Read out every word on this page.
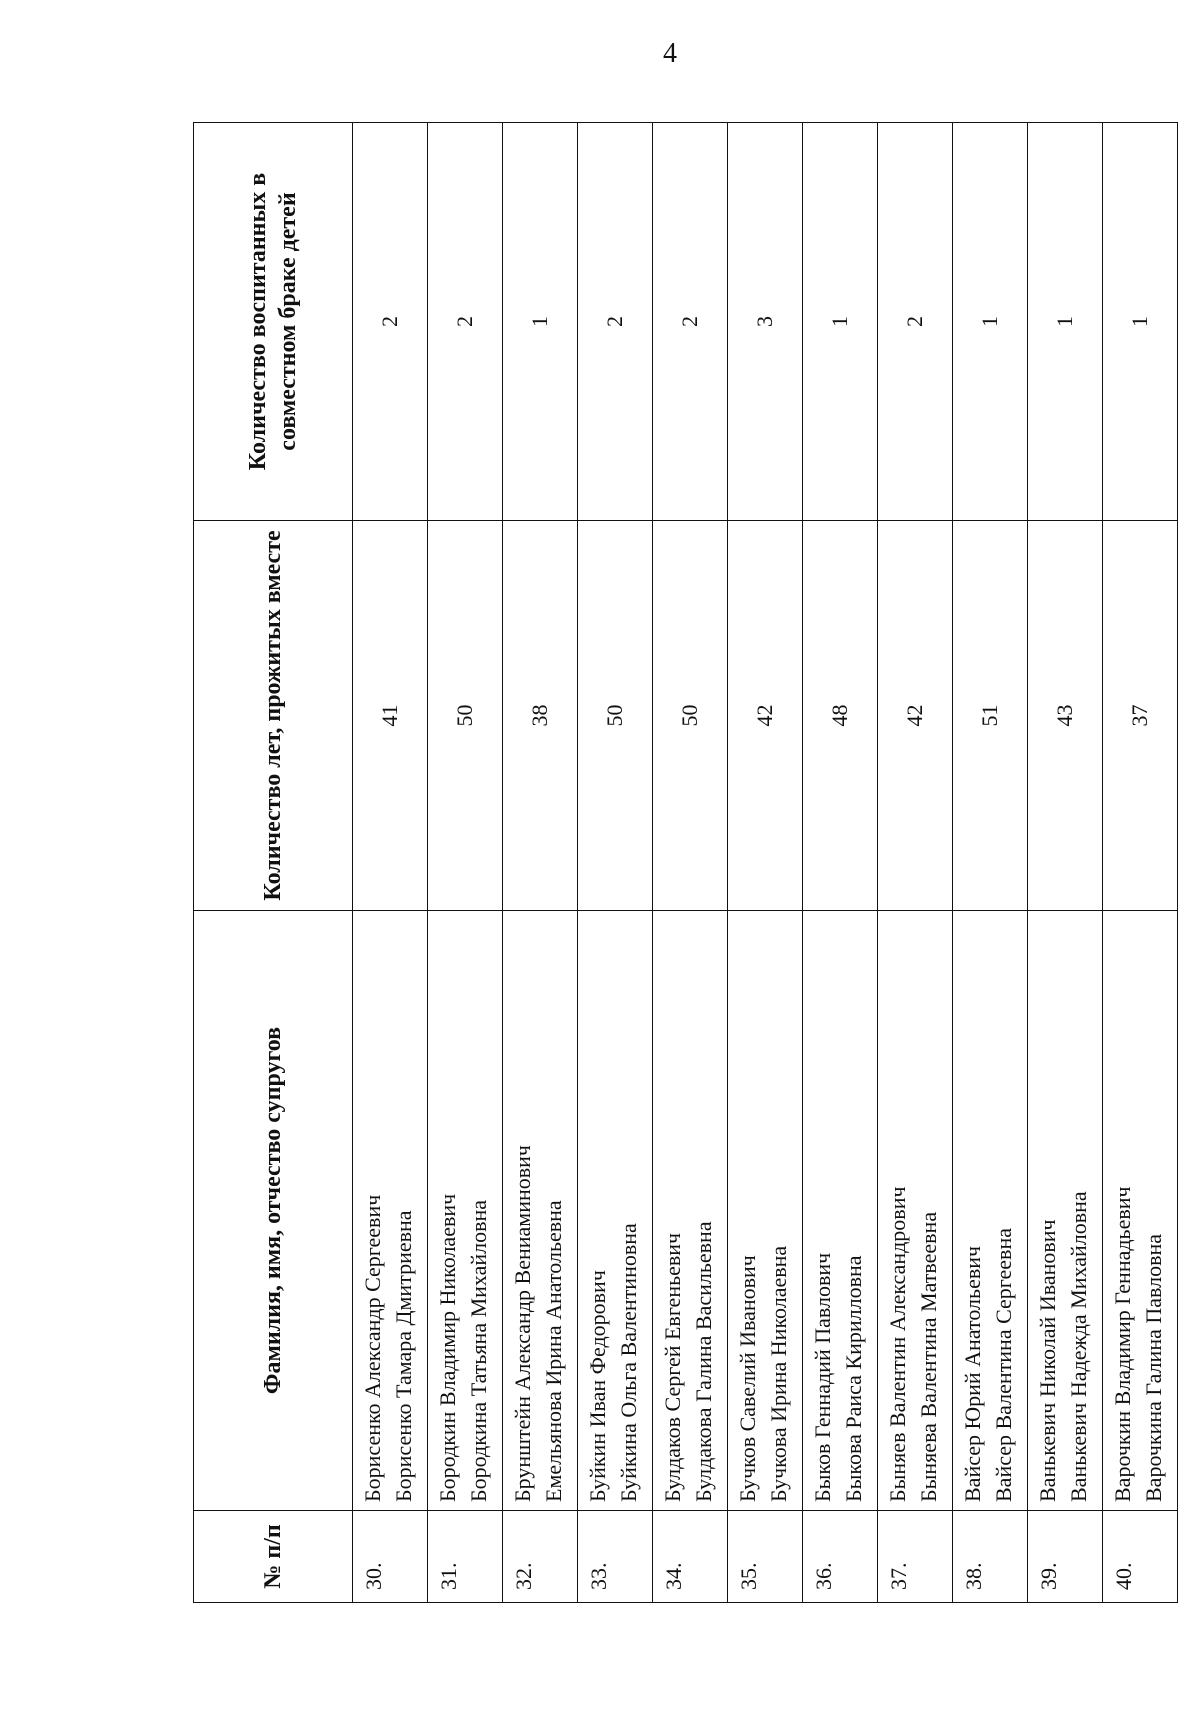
4
№ п/п	Фамилия, имя, отчество супругов	Количество лет, прожитых вместе	Количество воспитанных в совместном браке детей
30.	Борисенко Александр Сергеевич Борисенко Тамара Дмитриевна	41	2
31.	Бородкин Владимир Николаевич Бородкина Татьяна Михайловна	50	2
32.	Брунштейн Александр Вениаминович Емельянова Ирина Анатольевна	38	1
33.	Буйкин Иван Федорович Буйкина Ольга Валентиновна	50	2
34.	Булдаков Сергей Евгеньевич Булдакова Галина Васильевна	50	2
35.	Бучков Савелий Иванович Бучкова Ирина Николаевна	42	3
36.	Быков Геннадий Павлович Быкова Раиса Кирилловна	48	1
37.	Быняев Валентин Александрович Быняева Валентина Матвеевна	42	2
38.	Вайсер Юрий Анатольевич Вайсер Валентина Сергеевна	51	1
39.	Ванькевич Николай Иванович Ванькевич Надежда Михайловна	43	1
40.	Варочкин Владимир Геннадьевич Варочкина Галина Павловна	37	1
